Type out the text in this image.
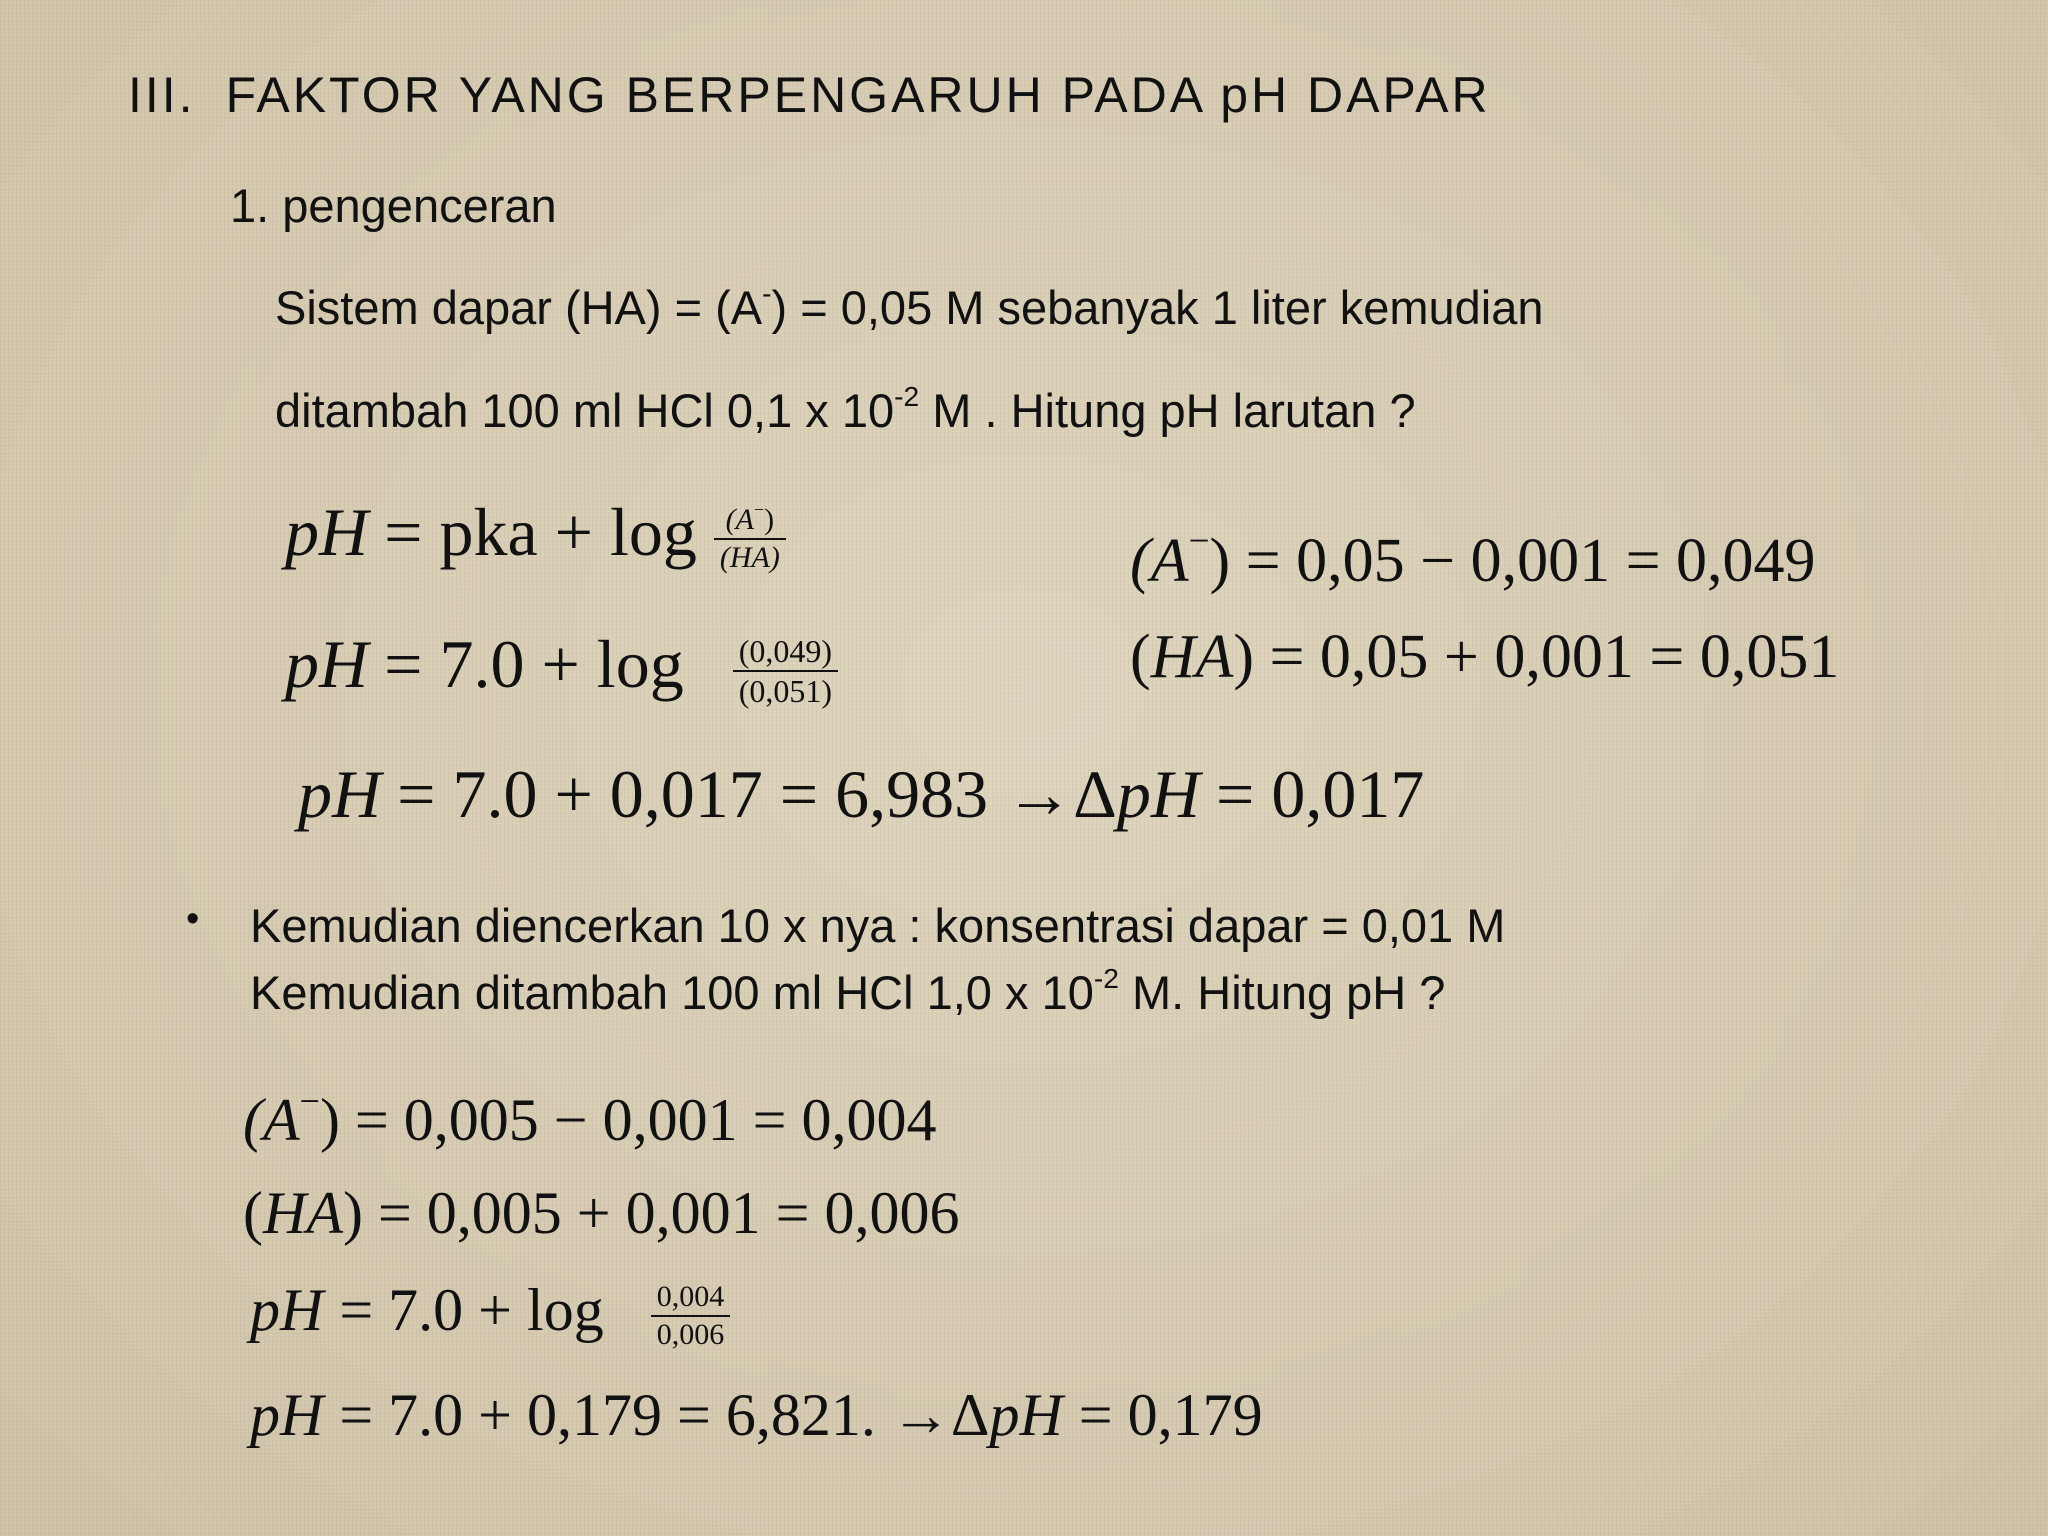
III. FAKTOR YANG BERPENGARUH PADA pH DAPAR
1. pengenceran
Sistem dapar (HA) = (A-) = 0,05 M sebanyak 1 liter kemudian
ditambah 100 ml HCl 0,1 x $10^{-2}$ M . Hitung pH larutan ?
pH = pka + $\log \frac{(A^-)}{(HA)}$	(A−) = 0,05 − 0,001 = 0,049
pH = $7.0 + \log \frac{(0,049)}{(0,051)}$	(HA) = 0,05 + 0,001 = 0,051
pH = 7.0 + 0,017 = 6,983 →ΔpH = 0,017
• Kemudian diencerkan 10 x nya : konsentrasi dapar = 0,01 M
Kemudian ditambah 100 ml HCl 1,0 x $10^{-2}$ M. Hitung pH ?
(A−) = 0,005 − 0,001 = 0,004
(HA) = 0,005 + 0,001 = 0,006
pH = $7.0 + \log \frac{0,004}{0,006}$
pH = 7.0 + 0,179 = 6,821. →ΔpH = 0,179
